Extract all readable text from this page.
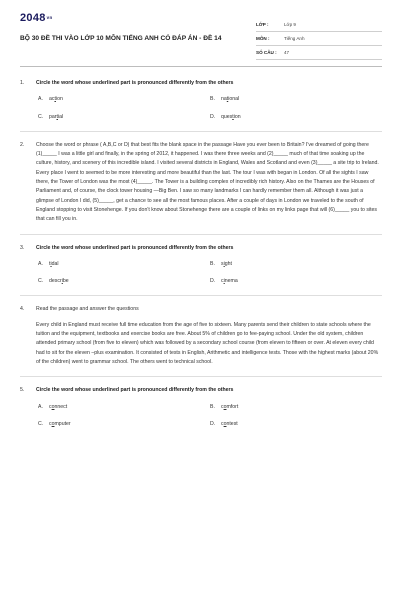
$2048^{vn}$
BỘ 30 ĐỀ THI VÀO LỚP 10 MÔN TIẾNG ANH CÓ ĐÁP ÁN - ĐỀ 14
LỚP :	Lớp 9
MÔN :	Tiếng Anh
SỐ CÂU :	47
1.	Circle the word whose underlined part is pronounced differently from the others
A.	action	B.	national
C.	partial	D.	question
2.	Choose the word or phrase ( A,B,C or D) that best fits the blank space in the passage Have you ever been to Britain? I've dreamed of going there (1)_____ I was a little girl and finally, in the spring of 2012, it happened. I was there three weeks and (2)_____ much of that time soaking up the culture, history, and scenery of this incredible island. I visited several districts in England, Wales and Scotland and even (3)_____ a site trip to Ireland. Every place I went to seemed to be more interesting and more beautiful than the last. The tour I was with began in London. Of all the sights I saw there, the Tower of London was the most (4)_____. The Tower is a building complex of incredibly rich history. Also on the Thames are the Houses of Parliament and, of course, the clock tower housing —Big Ben. I saw so many landmarks I can hardly remember them all. Although it was just a glimpse of London I did, (5)_____, get a chance to see all the most famous places. After a couple of days in London we traveled to the south of England stopping to visit Stonehenge. If you don't know about Stonehenge there are a couple of links on my links page that will (6)_____ you to sites that can fill you in.
3.	Circle the word whose underlined part is pronounced differently from the others
A.	tidal	B.	sight
C.	describe	D.	cinema
4.	Read the passage and answer the questions
Every child in England must receive full time education from the age of five to sixteen. Many parents send their children to state schools where the tuition and the equipment, textbooks and exercise books are free. About 5% of children go to fee-paying school. Under the old system, children attended primary school (from five to eleven) which was followed by a secondary school course (from eleven to fifteen or over. At eleven every child had to sit for the eleven –plus examination. It consisted of tests in English, Arithmetic and intelligence tests. Those with the highest marks (about 20% of the children) went to grammar school. The others went to technical school.
5.	Circle the word whose underlined part is pronounced differently from the others
A.	connect	B.	comfort
C.	computer	D.	contest
